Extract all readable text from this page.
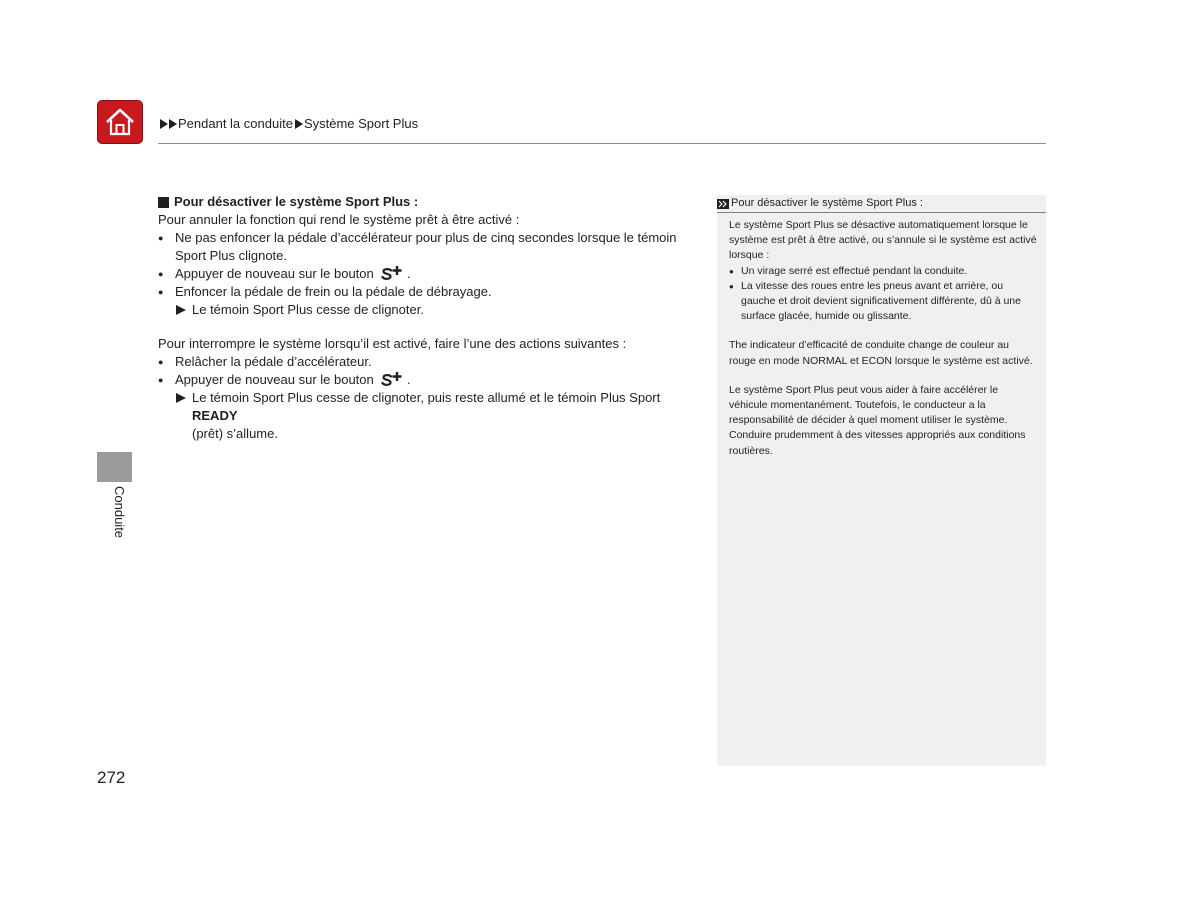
Pendant la conduite Système Sport Plus
Pour désactiver le système Sport Plus :

Pour annuler la fonction qui rend le système prêt à être activé :

● Ne pas enfoncer la pédale d’accélérateur pour plus de cinq secondes lorsque le témoin Sport Plus clignote.
● Appuyer de nouveau sur le bouton	.
● Enfoncer la pédale de frein ou la pédale de débrayage.
Le témoin Sport Plus cesse de clignoter.

Pour interrompre le système lorsqu’il est activé, faire l’une des actions suivantes :

● Relâcher la pédale d’accélérateur.
● Appuyer de nouveau sur le bouton	.
Le témoin Sport Plus cesse de clignoter, puis reste allumé et le témoin Plus Sport READY
(prêt) s’allume.
Conduite
272
Pour désactiver le système Sport Plus :

Le système Sport Plus se désactive automatiquement lorsque le système est prêt à être activé, ou s’annule si le système est activé lorsque :

● Un virage serré est effectué pendant la conduite.
● La vitesse des roues entre les pneus avant et arrière, ou gauche et droit devient significativement différente, dû à une surface glacée, humide ou glissante.

The indicateur d’efficacité de conduite change de couleur au rouge en mode NORMAL et ECON lorsque le système est activé.

Le système Sport Plus peut vous aider à faire accélérer le véhicule momentanément. Toutefois, le conducteur a la responsabilité de décider à quel moment utiliser le système. Conduire prudemment à des vitesses appropriés aux conditions routières.
